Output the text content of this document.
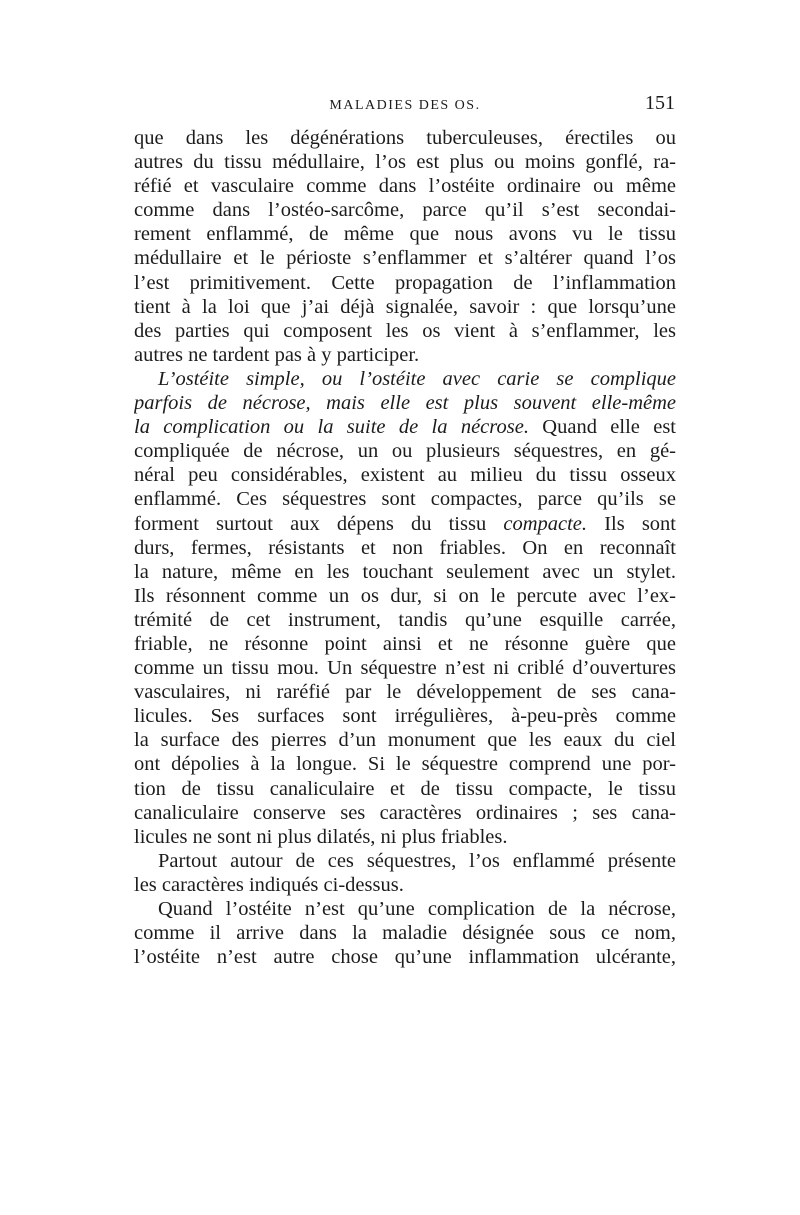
MALADIES DES OS.	151
que dans les dégénérations tuberculeuses, érectiles ou
autres du tissu médullaire, l’os est plus ou moins gonflé, ra-
réfié et vasculaire comme dans l’ostéite ordinaire ou même
comme dans l’ostéo-sarcôme, parce qu’il s’est secondai-
rement enflammé, de même que nous avons vu le tissu
médullaire et le périoste s’enflammer et s’altérer quand l’os
l’est primitivement. Cette propagation de l’inflammation
tient à la loi que j’ai déjà signalée, savoir : que lorsqu’une
des parties qui composent les os vient à s’enflammer, les
autres ne tardent pas à y participer.
L’ostéite simple, ou l’ostéite avec carie se complique
parfois de nécrose, mais elle est plus souvent elle-même
la complication ou la suite de la nécrose. Quand elle est
compliquée de nécrose, un ou plusieurs séquestres, en gé-
néral peu considérables, existent au milieu du tissu osseux
enflammé. Ces séquestres sont compactes, parce qu’ils se
forment surtout aux dépens du tissu compacte. Ils sont
durs, fermes, résistants et non friables. On en reconnaît
la nature, même en les touchant seulement avec un stylet.
Ils résonnent comme un os dur, si on le percute avec l’ex-
trémité de cet instrument, tandis qu’une esquille carrée,
friable, ne résonne point ainsi et ne résonne guère que
comme un tissu mou. Un séquestre n’est ni criblé d’ouvertures
vasculaires, ni raréfié par le développement de ses cana-
licules. Ses surfaces sont irrégulières, à-peu-près comme
la surface des pierres d’un monument que les eaux du ciel
ont dépolies à la longue. Si le séquestre comprend une por-
tion de tissu canaliculaire et de tissu compacte, le tissu
canaliculaire conserve ses caractères ordinaires ; ses cana-
licules ne sont ni plus dilatés, ni plus friables.
Partout autour de ces séquestres, l’os enflammé présente
les caractères indiqués ci-dessus.
Quand l’ostéite n’est qu’une complication de la nécrose,
comme il arrive dans la maladie désignée sous ce nom,
l’ostéite n’est autre chose qu’une inflammation ulcérante,
